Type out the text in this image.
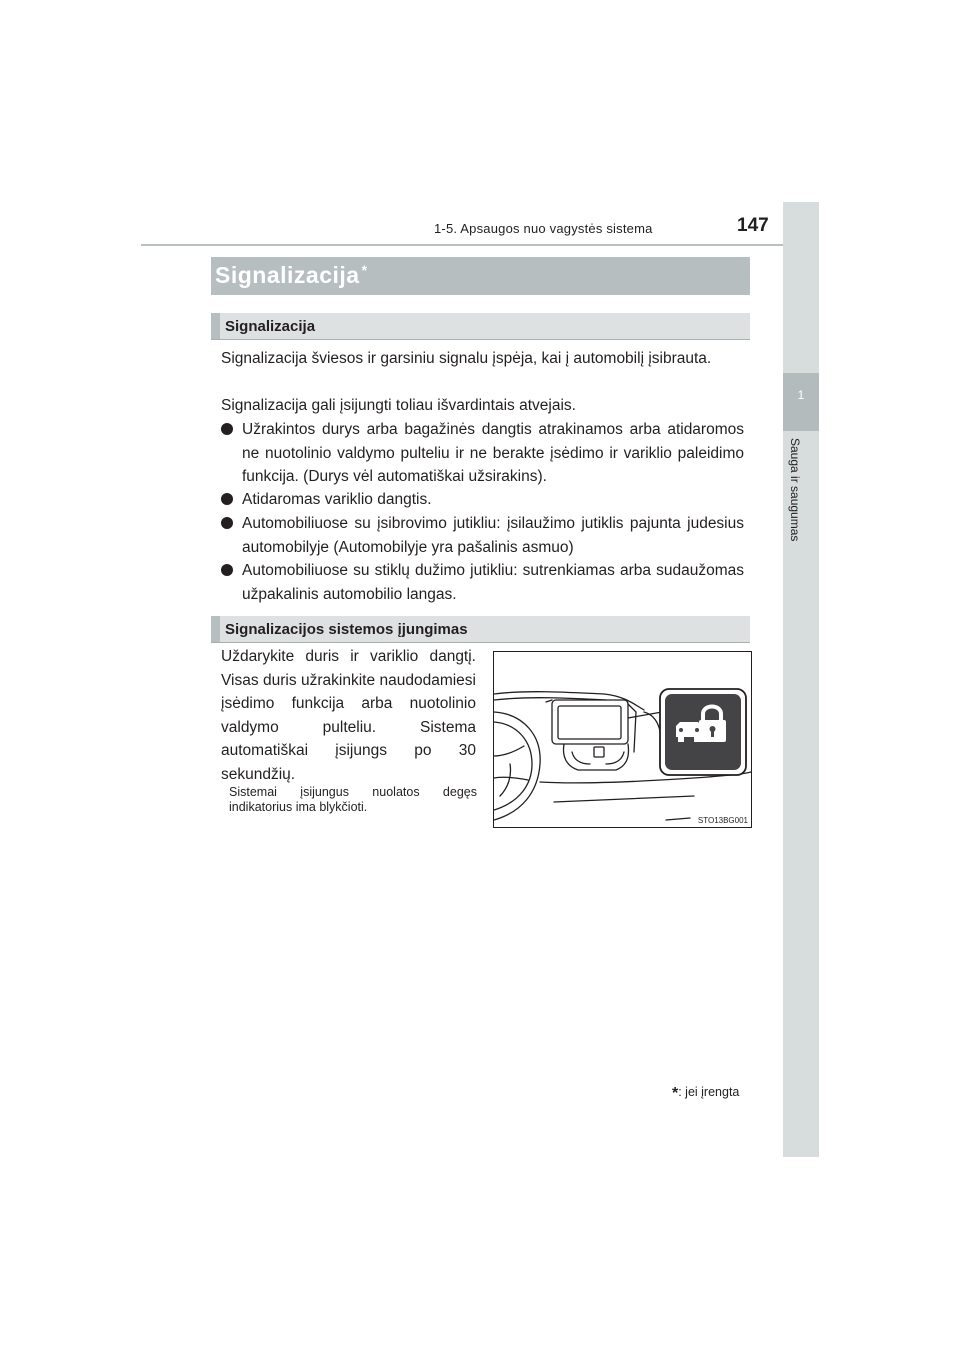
1-5. Apsaugos nuo vagystės sistema	147
1
Sauga ir saugumas
Signalizacija *
Signalizacija
Signalizacija šviesos ir garsiniu signalu įspėja, kai į automobilį įsibrauta.
Signalizacija gali įsijungti toliau išvardintais atvejais.
Užrakintos durys arba bagažinės dangtis atrakinamos arba atidaromos ne nuotolinio valdymo pulteliu ir ne berakte įsėdimo ir variklio paleidimo funkcija. (Durys vėl automatiškai užsirakins).
Atidaromas variklio dangtis.
Automobiliuose su įsibrovimo jutikliu: įsilaužimo jutiklis pajunta judesius automobilyje (Automobilyje yra pašalinis asmuo)
Automobiliuose su stiklų dužimo jutikliu: sutrenkiamas arba sudaužomas užpakalinis automobilio langas.
Signalizacijos sistemos įjungimas
Uždarykite duris ir variklio dangtį. Visas duris užrakinkite naudodamiesi įsėdimo funkcija arba nuotolinio valdymo pulteliu. Sistema automatiškai įsijungs po 30 sekundžių.
Sistemai įsijungus nuolatos degęs indikatorius ima blykčioti.
STO13BG001
*: jei įrengta
